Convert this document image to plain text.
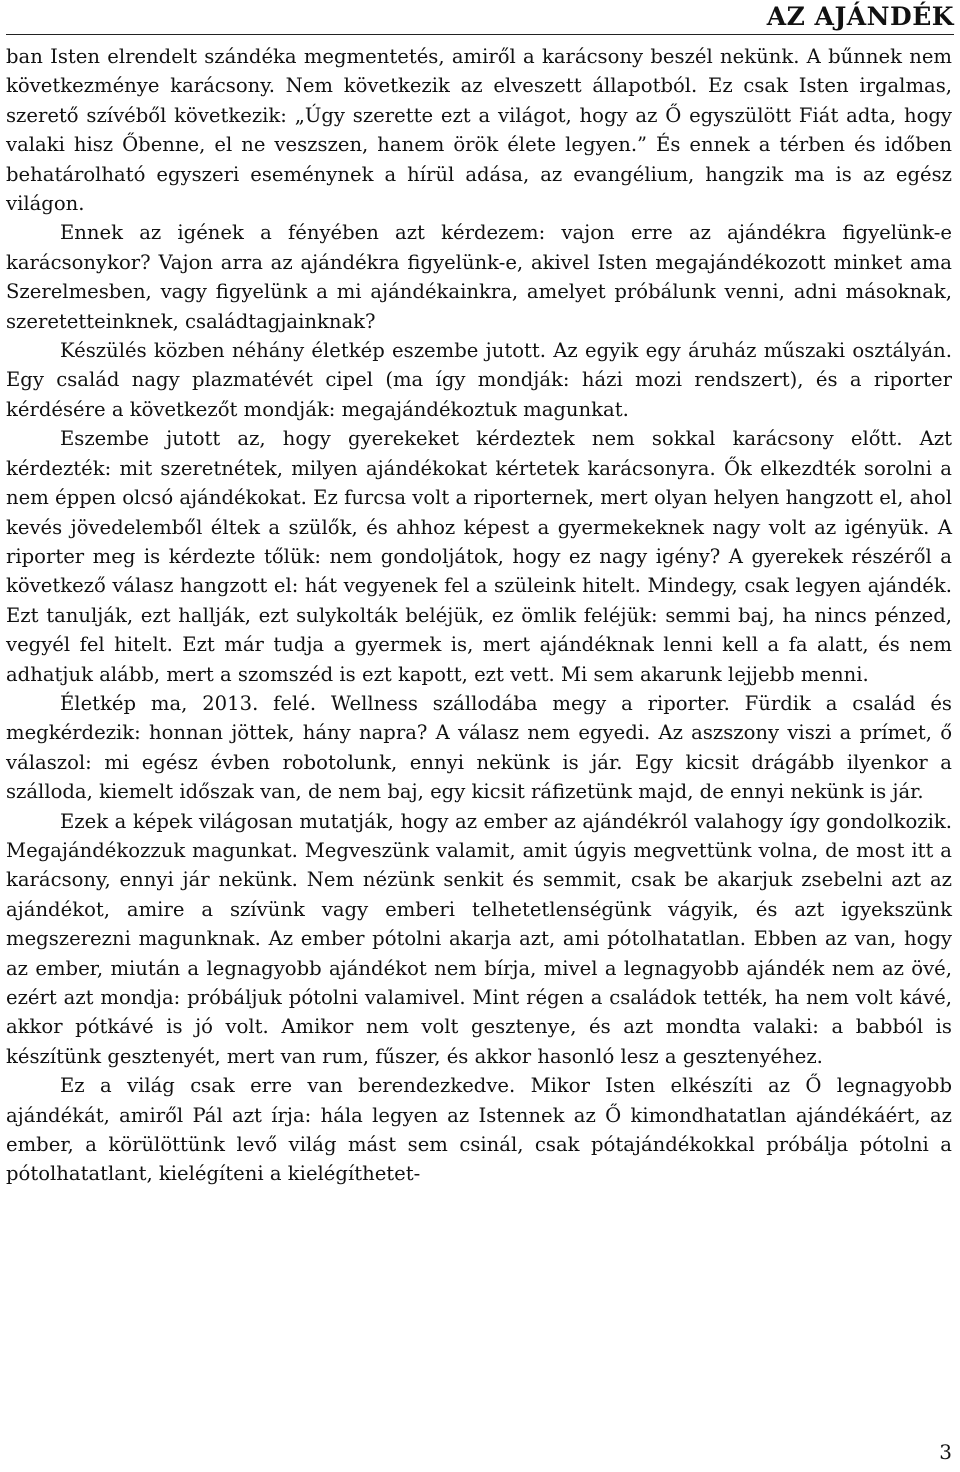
AZ AJÁNDÉK

ban Isten elrendelt szándéka megmentetés, amiről a karácsony beszél nekünk. A bűnnek nem következménye karácsony. Nem következik az elveszett állapotból. Ez csak Isten irgalmas, szerető szívéből következik: „Úgy szerette ezt a világot, hogy az Ő egyszülött Fiát adta, hogy valaki hisz Őbenne, el ne veszszen, hanem örök élete legyen.” És ennek a térben és időben behatárolható egyszeri eseménynek a hírül adása, az evangélium, hangzik ma is az egész világon.

Ennek az igének a fényében azt kérdezem: vajon erre az ajándékra figyelünk-e karácsonykor? Vajon arra az ajándékra figyelünk-e, akivel Isten megajándékozott minket ama Szerelmesben, vagy figyelünk a mi ajándékainkra, amelyet próbálunk venni, adni másoknak, szeretetteinknek, családtagjainknak?

Készülés közben néhány életkép eszembe jutott. Az egyik egy áruház műszaki osztályán. Egy család nagy plazmatévét cipel (ma így mondják: házi mozi rendszert), és a riporter kérdésére a következőt mondják: megajándékoztuk magunkat.

Eszembe jutott az, hogy gyerekeket kérdeztek nem sokkal karácsony előtt. Azt kérdezték: mit szeretnétek, milyen ajándékokat kértetek karácsonyra. Ők elkezdték sorolni a nem éppen olcsó ajándékokat. Ez furcsa volt a riporternek, mert olyan helyen hangzott el, ahol kevés jövedelemből éltek a szülők, és ahhoz képest a gyermekeknek nagy volt az igényük. A riporter meg is kérdezte tőlük: nem gondoljátok, hogy ez nagy igény? A gyerekek részéről a következő válasz hangzott el: hát vegyenek fel a szüleink hitelt. Mindegy, csak legyen ajándék. Ezt tanulják, ezt hallják, ezt sulykolták beléjük, ez ömlik feléjük: semmi baj, ha nincs pénzed, vegyél fel hitelt. Ezt már tudja a gyermek is, mert ajándéknak lenni kell a fa alatt, és nem adhatjuk alább, mert a szomszéd is ezt kapott, ezt vett. Mi sem akarunk lejjebb menni.

Életkép ma, 2013. felé. Wellness szállodába megy a riporter. Fürdik a család és megkérdezik: honnan jöttek, hány napra? A válasz nem egyedi. Az aszszony viszi a prímet, ő válaszol: mi egész évben robotolunk, ennyi nekünk is jár. Egy kicsit drágább ilyenkor a szálloda, kiemelt időszak van, de nem baj, egy kicsit ráfizetünk majd, de ennyi nekünk is jár.

Ezek a képek világosan mutatják, hogy az ember az ajándékról valahogy így gondolkozik. Megajándékozzuk magunkat. Megveszünk valamit, amit úgyis megvettünk volna, de most itt a karácsony, ennyi jár nekünk. Nem nézünk senkit és semmit, csak be akarjuk zsebelni azt az ajándékot, amire a szívünk vagy emberi telhetetlenségünk vágyik, és azt igyekszünk megszerezni magunknak. Az ember pótolni akarja azt, ami pótolhatatlan. Ebben az van, hogy az ember, miután a legnagyobb ajándékot nem bírja, mivel a legnagyobb ajándék nem az övé, ezért azt mondja: próbáljuk pótolni valamivel. Mint régen a családok tették, ha nem volt kávé, akkor pótkávé is jó volt. Amikor nem volt gesztenye, és azt mondta valaki: a babból is készítünk gesztenyét, mert van rum, fűszer, és akkor hasonló lesz a gesztenyéhez.

Ez a világ csak erre van berendezkedve. Mikor Isten elkészíti az Ő legnagyobb ajándékát, amiről Pál azt írja: hála legyen az Istennek az Ő kimondhatatlan ajándékáért, az ember, a körülöttünk levő világ mást sem csinál, csak pótajándékokkal próbálja pótolni a pótolhatatlant, kielégíteni a kielégíthetet-

3
